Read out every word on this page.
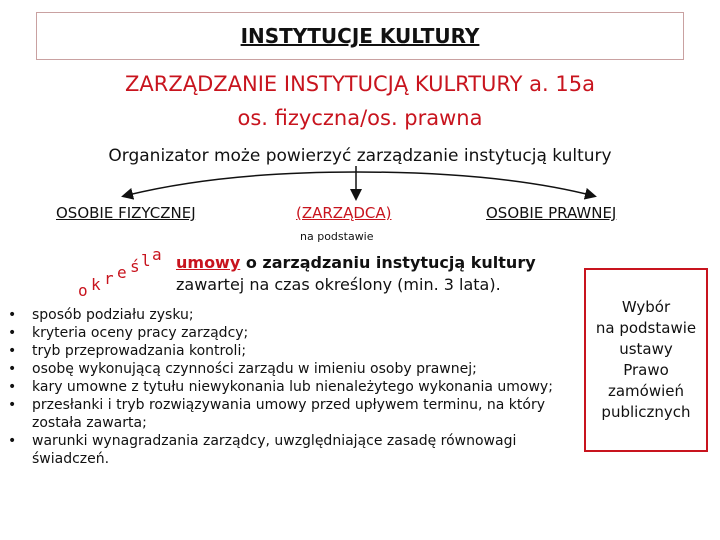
INSTYTUCJE KULTURY
ZARZĄDZANIE INSTYTUCJĄ KULRTURY a. 15a
os. fizyczna/os. prawna
Organizator może powierzyć zarządzanie instytucją kultury
OSOBIE FIZYCZNEJ	(ZARZĄDCA)	OSOBIE PRAWNEJ
na podstawie
o k r e ś l a umowy o zarządzaniu instytucją kultury
zawartej na czas określony (min. 3 lata).
• sposób podziału zysku;
• kryteria oceny pracy zarządcy;
• tryb przeprowadzania kontroli;
• osobę wykonującą czynności zarządu w imieniu osoby prawnej;
• kary umowne z tytułu niewykonania lub nienależytego wykonania umowy;
• przesłanki i tryb rozwiązywania umowy przed upływem terminu, na który została zawarta;
• warunki wynagradzania zarządcy, uwzględniające zasadę równowagi świadczeń.
Wybór
na podstawie
ustawy
Prawo
zamówień
publicznych
